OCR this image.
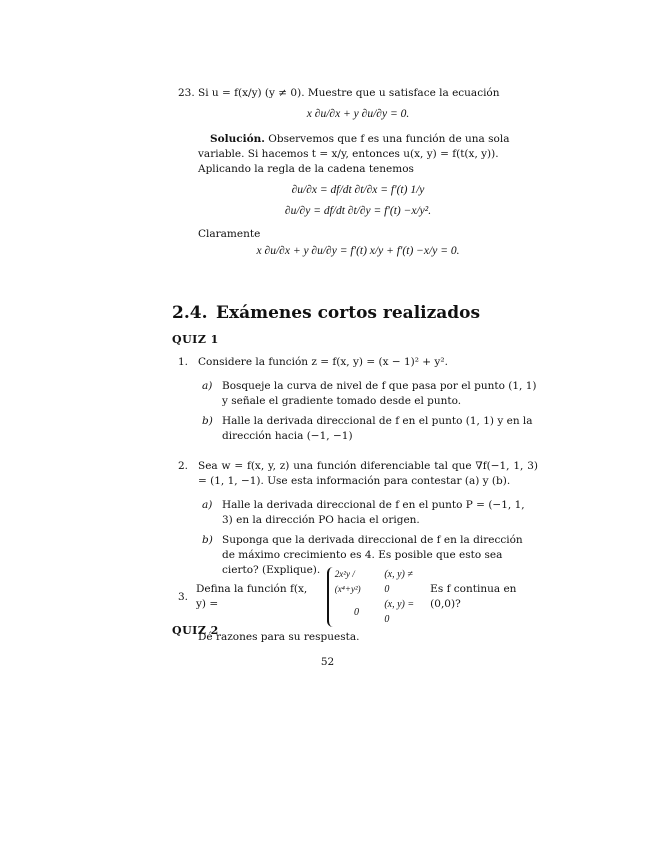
23. Si u = f(x/y) (y ≠ 0). Muestre que u satisface la ecuación
x ∂u/∂x + y ∂u/∂y = 0.
Solución. Observemos que f es una función de una sola variable. Si hacemos t = x/y, entonces u(x, y) = f(t(x, y)). Aplicando la regla de la cadena tenemos
∂u/∂x = df/dt ∂t/∂x = f′(t) 1/y
∂u/∂y = df/dt ∂t/∂y = f′(t) −x/y².
Claramente
x ∂u/∂x + y ∂u/∂y = f′(t) x/y + f′(t) −x/y = 0.
2.4. Exámenes cortos realizados
QUIZ 1
1. Considere la función z = f(x, y) = (x − 1)² + y².
a) Bosqueje la curva de nivel de f que pasa por el punto (1, 1) y señale el gradiente tomado desde el punto.
b) Halle la derivada direccional de f en el punto (1, 1) y en la dirección hacia (−1, −1)
2. Sea w = f(x, y, z) una función diferenciable tal que ∇f(−1, 1, 3) = (1, 1, −1). Use esta información para contestar (a) y (b).
a) Halle la derivada direccional de f en el punto P = (−1, 1, 3) en la dirección PO hacia el origen.
b) Suponga que la derivada direccional de f en la dirección de máximo crecimiento es 4. Es posible que esto sea cierto? (Explique).
3.
Defina la función f(x, y) =
2x²y / (x⁴+y²)	(x, y) ≠ 0
0	(x, y) = 0
Es f continua en (0,0)?
Dé razones para su respuesta.
QUIZ 2
52
